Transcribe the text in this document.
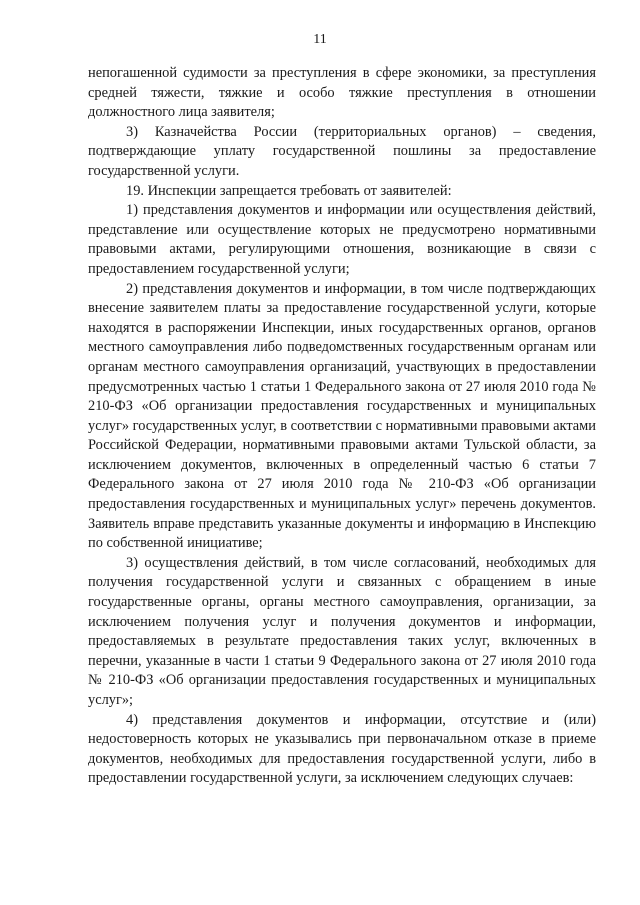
11

непогашенной судимости за преступления в сфере экономики, за преступления средней тяжести, тяжкие и особо тяжкие преступления в отношении должностного лица заявителя;

3) Казначейства России (территориальных органов) – сведения, подтверждающие уплату государственной пошлины за предоставление государственной услуги.

19. Инспекции запрещается требовать от заявителей:

1) представления документов и информации или осуществления действий, представление или осуществление которых не предусмотрено нормативными правовыми актами, регулирующими отношения, возникающие в связи с предоставлением государственной услуги;

2) представления документов и информации, в том числе подтверждающих внесение заявителем платы за предоставление государственной услуги, которые находятся в распоряжении Инспекции, иных государственных органов, органов местного самоуправления либо подведомственных государственным органам или органам местного самоуправления организаций, участвующих в предоставлении предусмотренных частью 1 статьи 1 Федерального закона от 27 июля 2010 года № 210-ФЗ «Об организации предоставления государственных и муниципальных услуг» государственных услуг, в соответствии с нормативными правовыми актами Российской Федерации, нормативными правовыми актами Тульской области, за исключением документов, включенных в определенный частью 6 статьи 7 Федерального закона от 27 июля 2010 года № 210-ФЗ «Об организации предоставления государственных и муниципальных услуг» перечень документов. Заявитель вправе представить указанные документы и информацию в Инспекцию по собственной инициативе;

3) осуществления действий, в том числе согласований, необходимых для получения государственной услуги и связанных с обращением в иные государственные органы, органы местного самоуправления, организации, за исключением получения услуг и получения документов и информации, предоставляемых в результате предоставления таких услуг, включенных в перечни, указанные в части 1 статьи 9 Федерального закона от 27 июля 2010 года № 210-ФЗ «Об организации предоставления государственных и муниципальных услуг»;

4) представления документов и информации, отсутствие и (или) недостоверность которых не указывались при первоначальном отказе в приеме документов, необходимых для предоставления государственной услуги, либо в предоставлении государственной услуги, за исключением следующих случаев:
